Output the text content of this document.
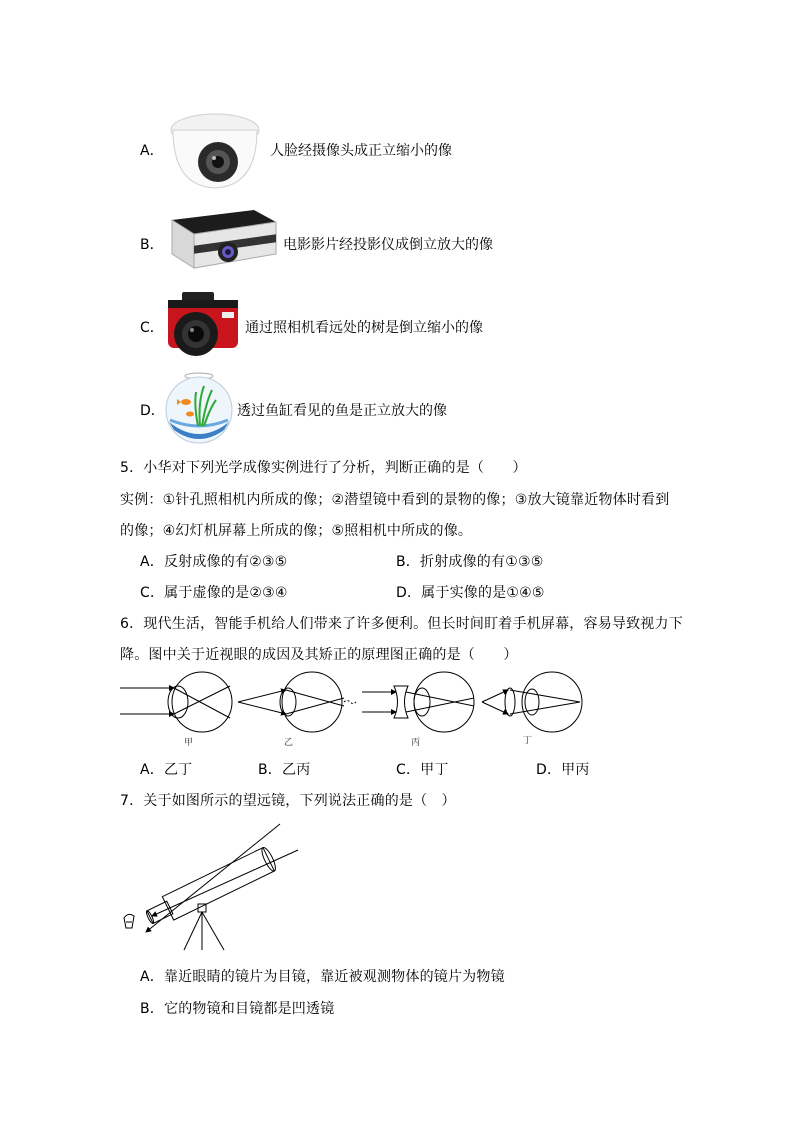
A．	人脸经摄像头成正立缩小的像
B．	电影影片经投影仪成倒立放大的像
C．	通过照相机看远处的树是倒立缩小的像
D．	透过鱼缸看见的鱼是正立放大的像
5．小华对下列光学成像实例进行了分析，判断正确的是（　　）
实例：①针孔照相机内所成的像；②潜望镜中看到的景物的像；③放大镜靠近物体时看到
的像；④幻灯机屏幕上所成的像；⑤照相机中所成的像。
A．反射成像的有②③⑤	B．折射成像的有①③⑤
C．属于虚像的是②③④	D．属于实像的是①④⑤
6．现代生活，智能手机给人们带来了许多便利。但长时间盯着手机屏幕，容易导致视力下
降。图中关于近视眼的成因及其矫正的原理图正确的是（　　）
甲	乙	丙	丁
A．乙丁	B．乙丙	C．甲丁	D．甲丙
7．关于如图所示的望远镜，下列说法正确的是（　）
A．靠近眼睛的镜片为目镜，靠近被观测物体的镜片为物镜
B．它的物镜和目镜都是凹透镜
